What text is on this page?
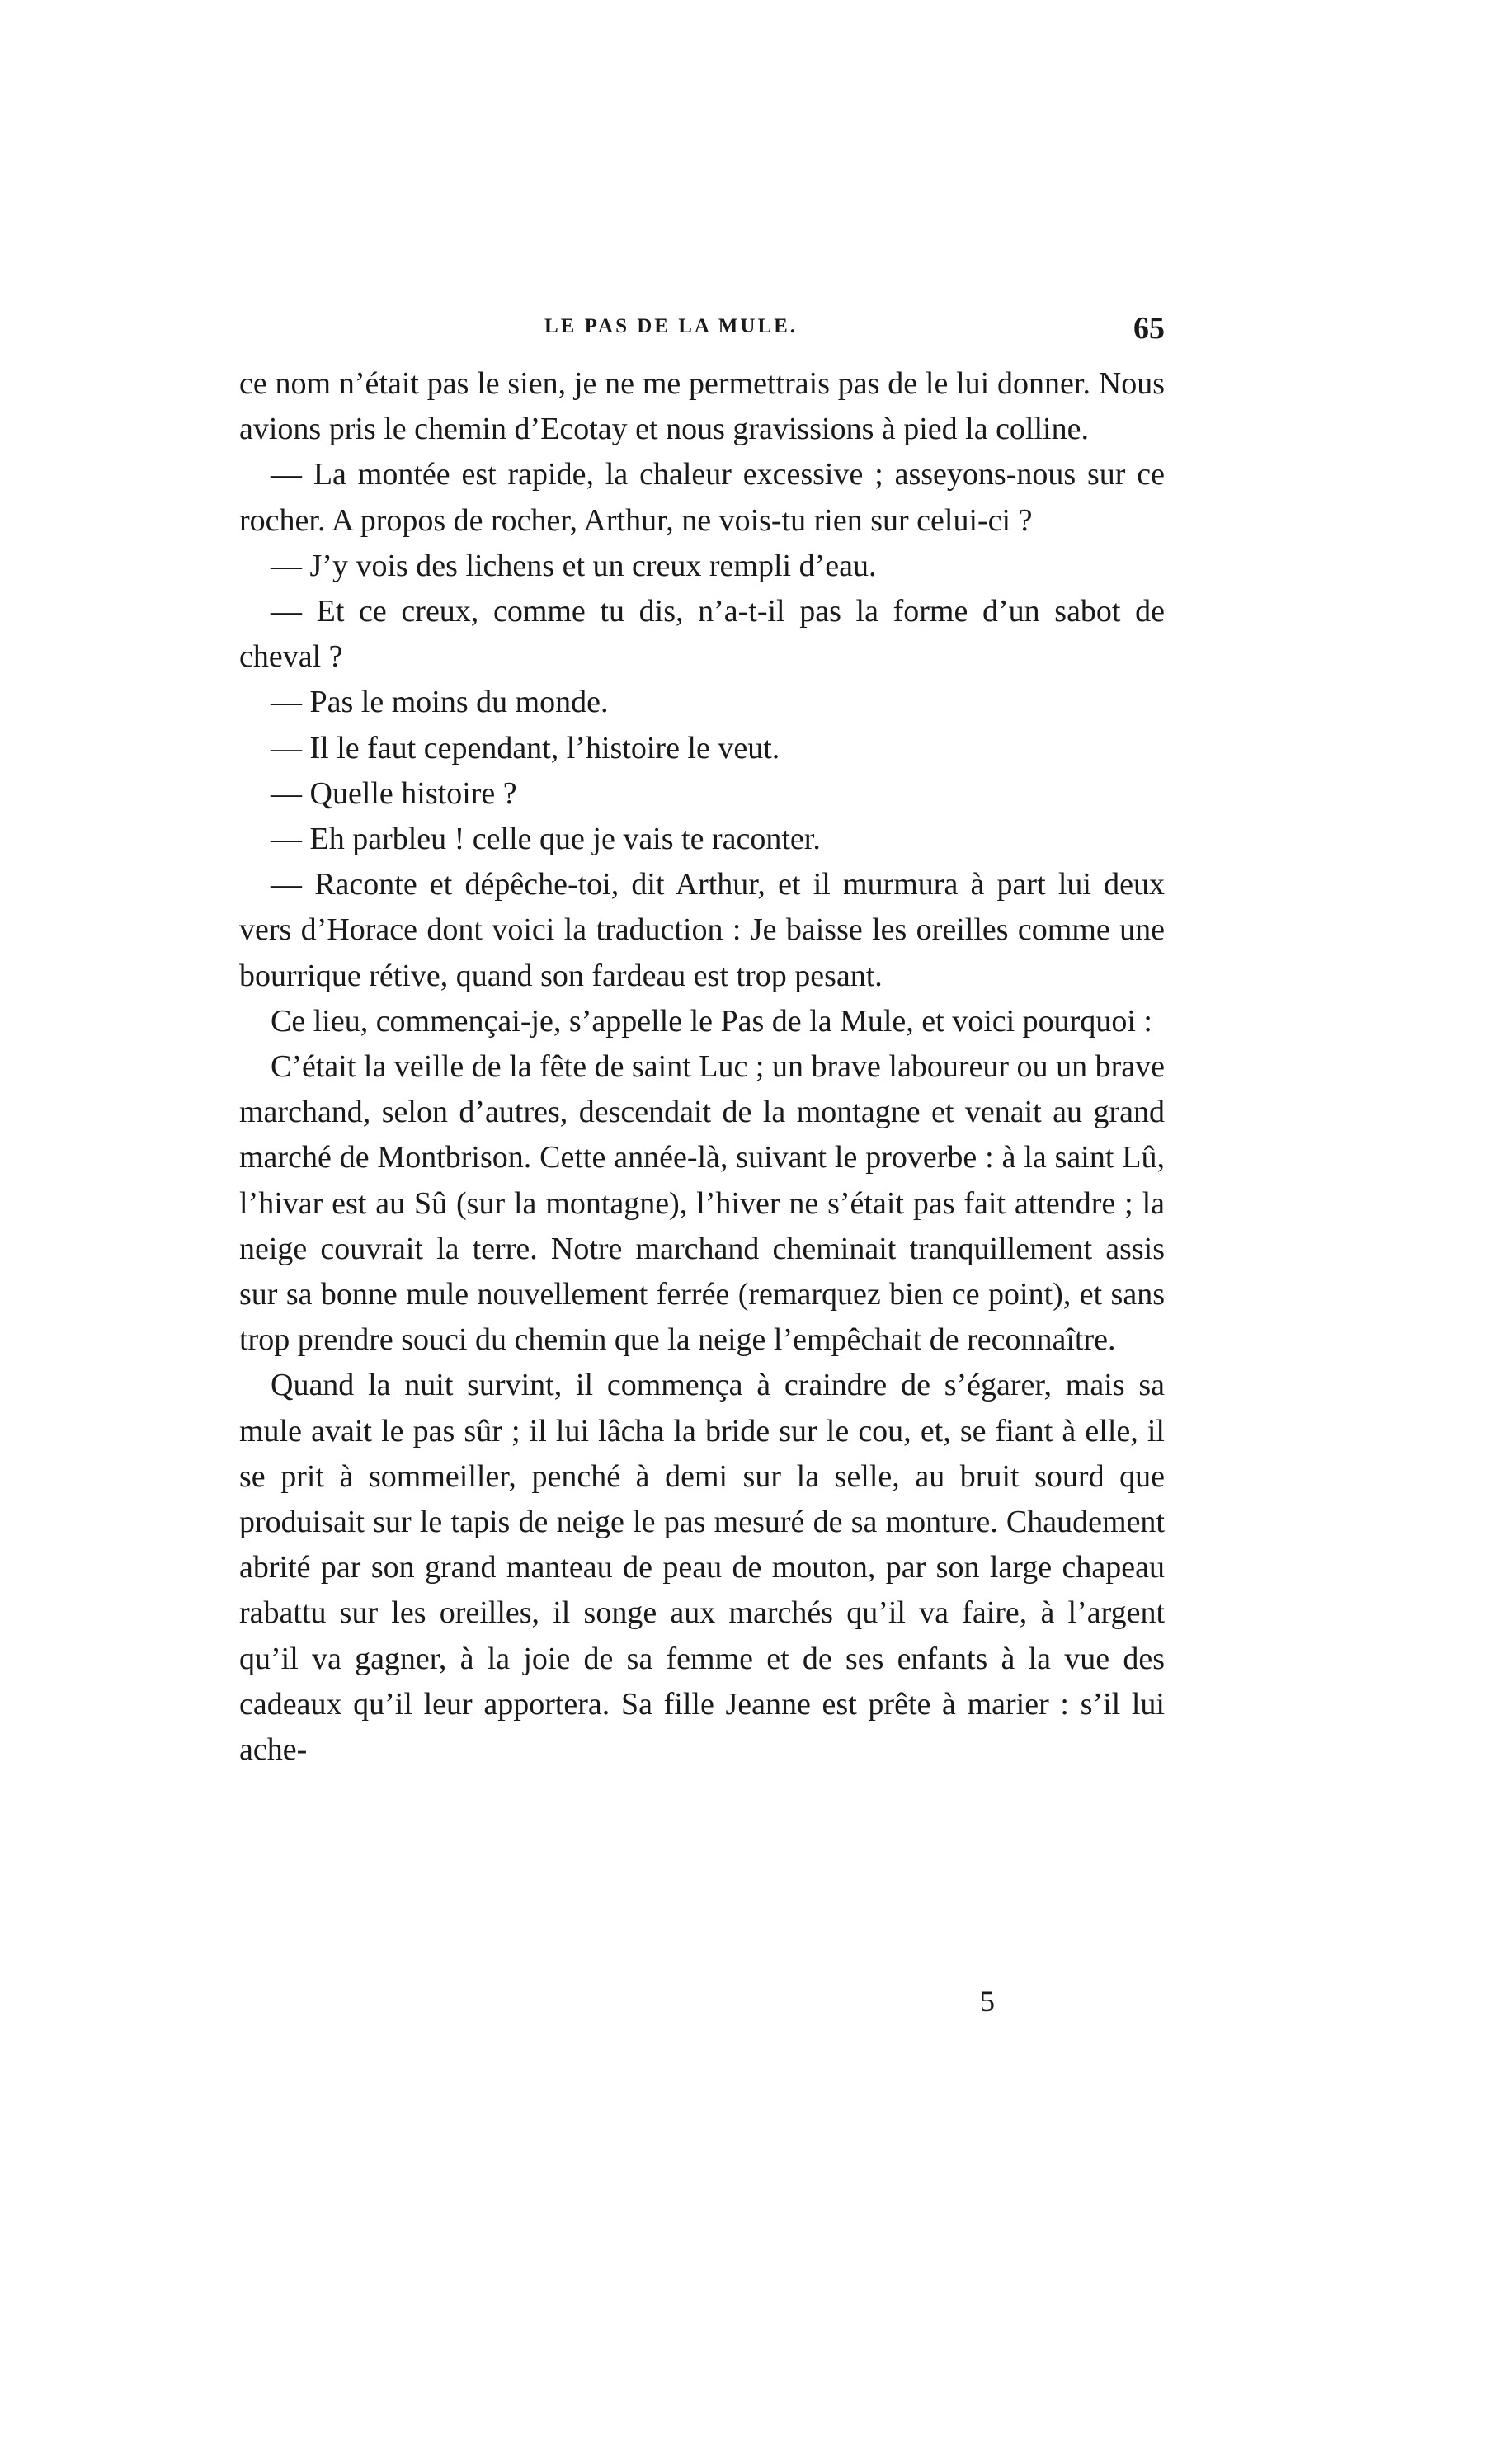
LE PAS DE LA MULE.	65

ce nom n’était pas le sien, je ne me permettrais pas de le lui donner. Nous avions pris le chemin d’Ecotay et nous gravissions à pied la colline.

— La montée est rapide, la chaleur excessive ; asseyons-nous sur ce rocher. A propos de rocher, Arthur, ne vois-tu rien sur celui-ci ?

— J’y vois des lichens et un creux rempli d’eau.

— Et ce creux, comme tu dis, n’a-t-il pas la forme d’un sabot de cheval ?

— Pas le moins du monde.

— Il le faut cependant, l’histoire le veut.

— Quelle histoire ?

— Eh parbleu ! celle que je vais te raconter.

— Raconte et dépêche-toi, dit Arthur, et il murmura à part lui deux vers d’Horace dont voici la traduction : Je baisse les oreilles comme une bourrique rétive, quand son fardeau est trop pesant.

Ce lieu, commençai-je, s’appelle le Pas de la Mule, et voici pourquoi :

C’était la veille de la fête de saint Luc ; un brave laboureur ou un brave marchand, selon d’autres, descendait de la montagne et venait au grand marché de Montbrison. Cette année-là, suivant le proverbe : à la saint Lû, l’hivar est au Sû (sur la montagne), l’hiver ne s’était pas fait attendre ; la neige couvrait la terre. Notre marchand cheminait tranquillement assis sur sa bonne mule nouvellement ferrée (remarquez bien ce point), et sans trop prendre souci du chemin que la neige l’empêchait de reconnaître.

Quand la nuit survint, il commença à craindre de s’égarer, mais sa mule avait le pas sûr ; il lui lâcha la bride sur le cou, et, se fiant à elle, il se prit à sommeiller, penché à demi sur la selle, au bruit sourd que produisait sur le tapis de neige le pas mesuré de sa monture. Chaudement abrité par son grand manteau de peau de mouton, par son large chapeau rabattu sur les oreilles, il songe aux marchés qu’il va faire, à l’argent qu’il va gagner, à la joie de sa femme et de ses enfants à la vue des cadeaux qu’il leur apportera. Sa fille Jeanne est prête à marier : s’il lui ache-

5
